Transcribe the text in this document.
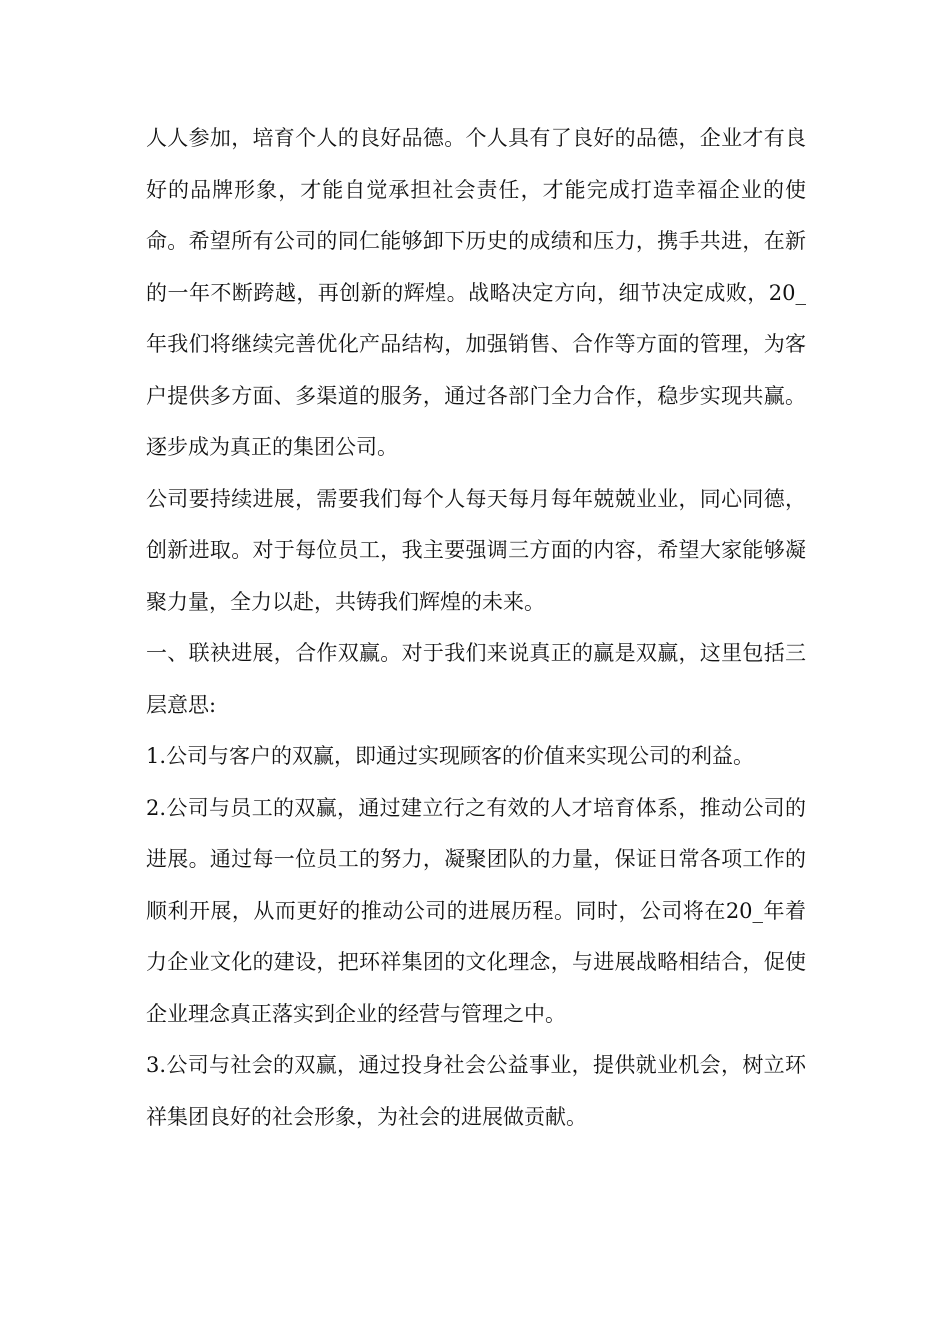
人人参加，培育个人的良好品德。个人具有了良好的品德，企业才有良好的品牌形象，才能自觉承担社会责任，才能完成打造幸福企业的使命。希望所有公司的同仁能够卸下历史的成绩和压力，携手共进，在新的一年不断跨越，再创新的辉煌。战略决定方向，细节决定成败，20_年我们将继续完善优化产品结构，加强销售、合作等方面的管理，为客户提供多方面、多渠道的服务，通过各部门全力合作，稳步实现共赢。逐步成为真正的集团公司。

公司要持续进展，需要我们每个人每天每月每年兢兢业业，同心同德，创新进取。对于每位员工，我主要强调三方面的内容，希望大家能够凝聚力量，全力以赴，共铸我们辉煌的未来。

一、联袂进展，合作双赢。对于我们来说真正的赢是双赢，这里包括三层意思:

1.公司与客户的双赢，即通过实现顾客的价值来实现公司的利益。

2.公司与员工的双赢，通过建立行之有效的人才培育体系，推动公司的进展。通过每一位员工的努力，凝聚团队的力量，保证日常各项工作的顺利开展，从而更好的推动公司的进展历程。同时，公司将在20_年着力企业文化的建设，把环祥集团的文化理念，与进展战略相结合，促使企业理念真正落实到企业的经营与管理之中。

3.公司与社会的双赢，通过投身社会公益事业，提供就业机会，树立环祥集团良好的社会形象，为社会的进展做贡献。
